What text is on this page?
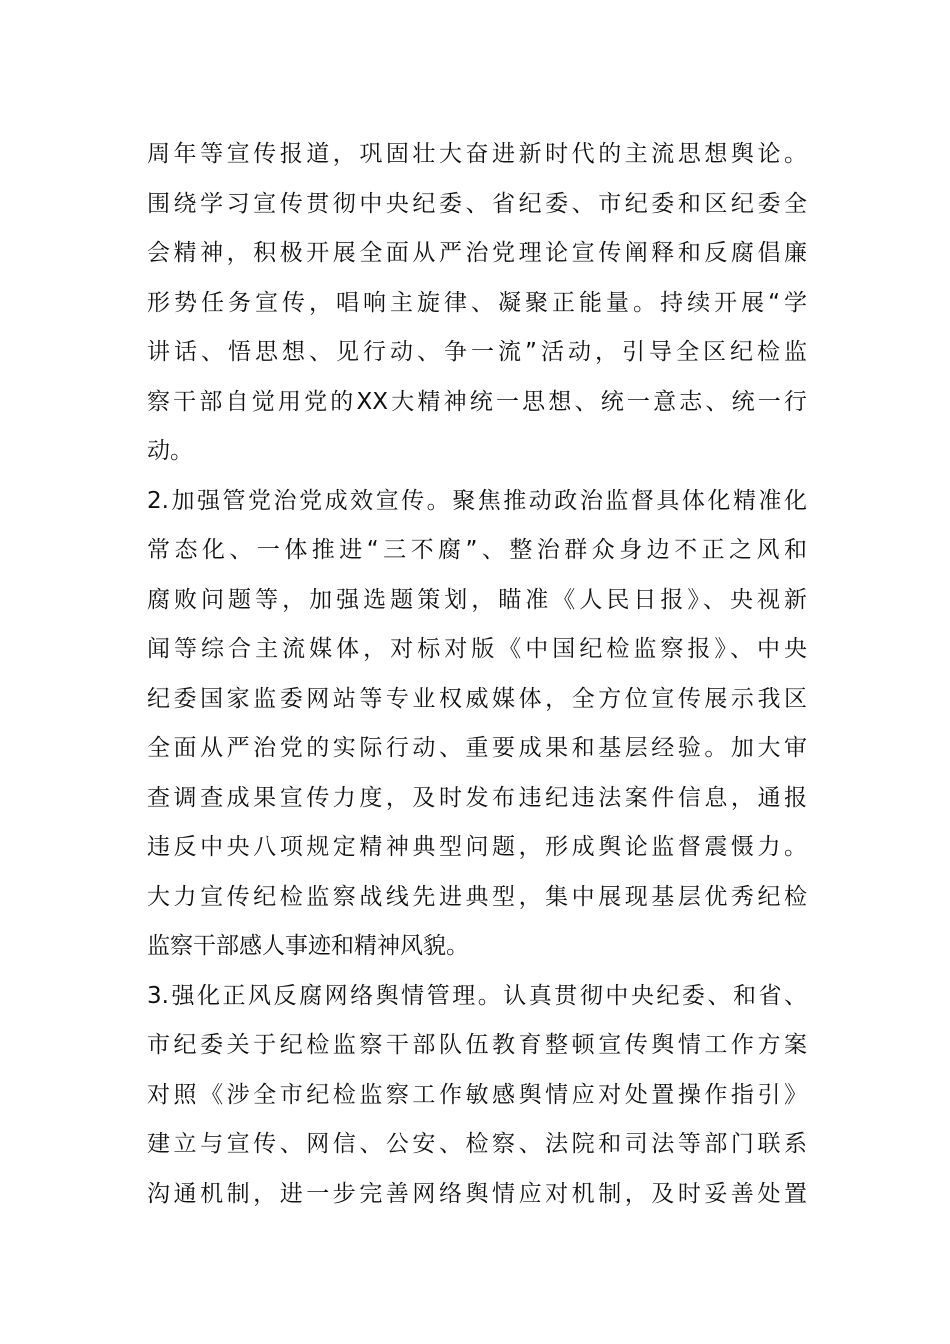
周年等宣传报道，巩固壮大奋进新时代的主流思想舆论。
围绕学习宣传贯彻中央纪委、省纪委、市纪委和区纪委全
会精神，积极开展全面从严治党理论宣传阐释和反腐倡廉
形势任务宣传，唱响主旋律、凝聚正能量。持续开展“学
讲话、悟思想、见行动、争一流”活动，引导全区纪检监
察干部自觉用党的XX大精神统一思想、统一意志、统一行
动。
2.加强管党治党成效宣传。聚焦推动政治监督具体化精准化
常态化、一体推进“三不腐”、整治群众身边不正之风和
腐败问题等，加强选题策划，瞄准《人民日报》、央视新
闻等综合主流媒体，对标对版《中国纪检监察报》、中央
纪委国家监委网站等专业权威媒体，全方位宣传展示我区
全面从严治党的实际行动、重要成果和基层经验。加大审
查调查成果宣传力度，及时发布违纪违法案件信息，通报
违反中央八项规定精神典型问题，形成舆论监督震慑力。
大力宣传纪检监察战线先进典型，集中展现基层优秀纪检
监察干部感人事迹和精神风貌。
3.强化正风反腐网络舆情管理。认真贯彻中央纪委、和省、
市纪委关于纪检监察干部队伍教育整顿宣传舆情工作方案
对照《涉全市纪检监察工作敏感舆情应对处置操作指引》
建立与宣传、网信、公安、检察、法院和司法等部门联系
沟通机制，进一步完善网络舆情应对机制，及时妥善处置
